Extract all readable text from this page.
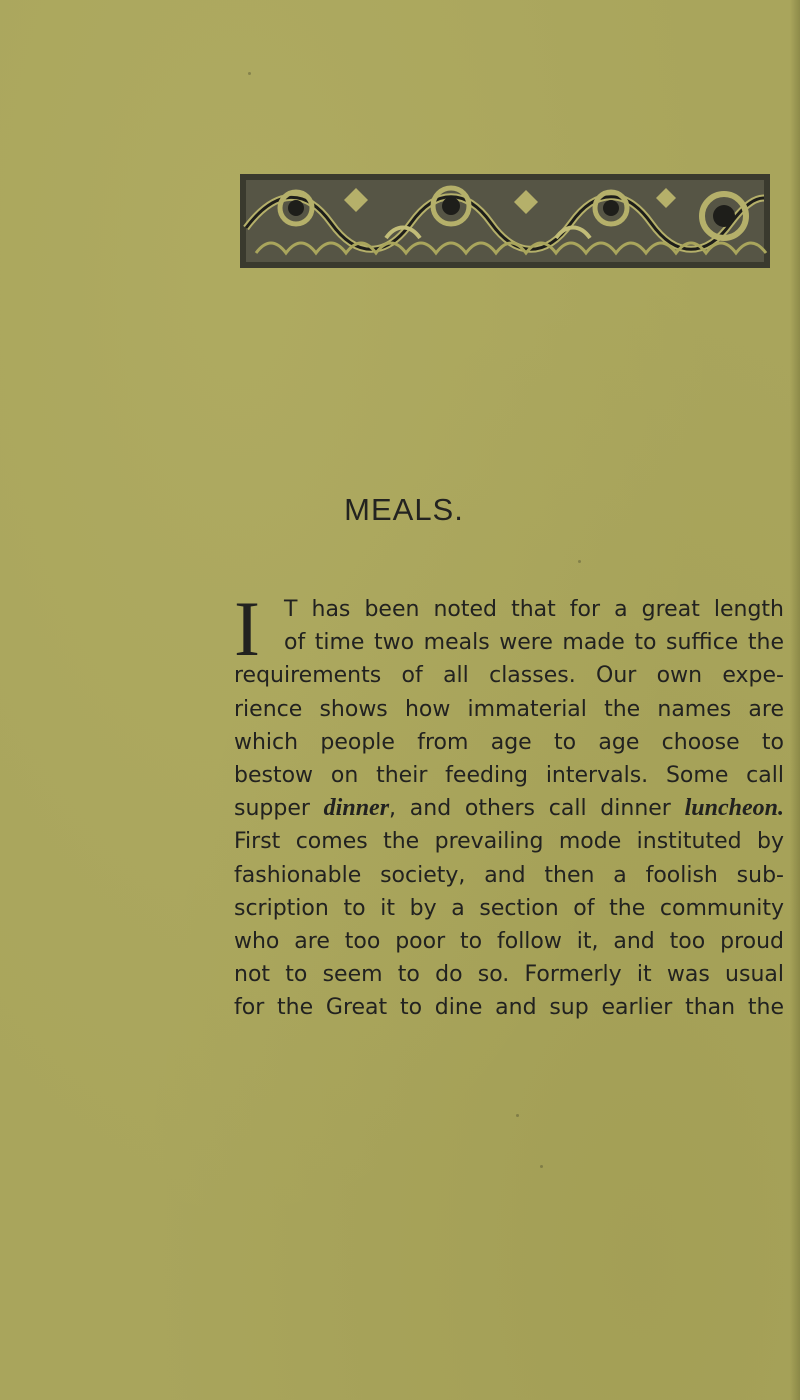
MEALS.
I	T has been noted that for a great length
of time two meals were made to suffice the
requirements of all classes. Our own expe-
rience shows how immaterial the names are
which people from age to age choose to
bestow on their feeding intervals. Some call
supper dinner, and others call dinner luncheon.
First comes the prevailing mode instituted by
fashionable society, and then a foolish sub-
scription to it by a section of the community
who are too poor to follow it, and too proud
not to seem to do so. Formerly it was usual
for the Great to dine and sup earlier than the
